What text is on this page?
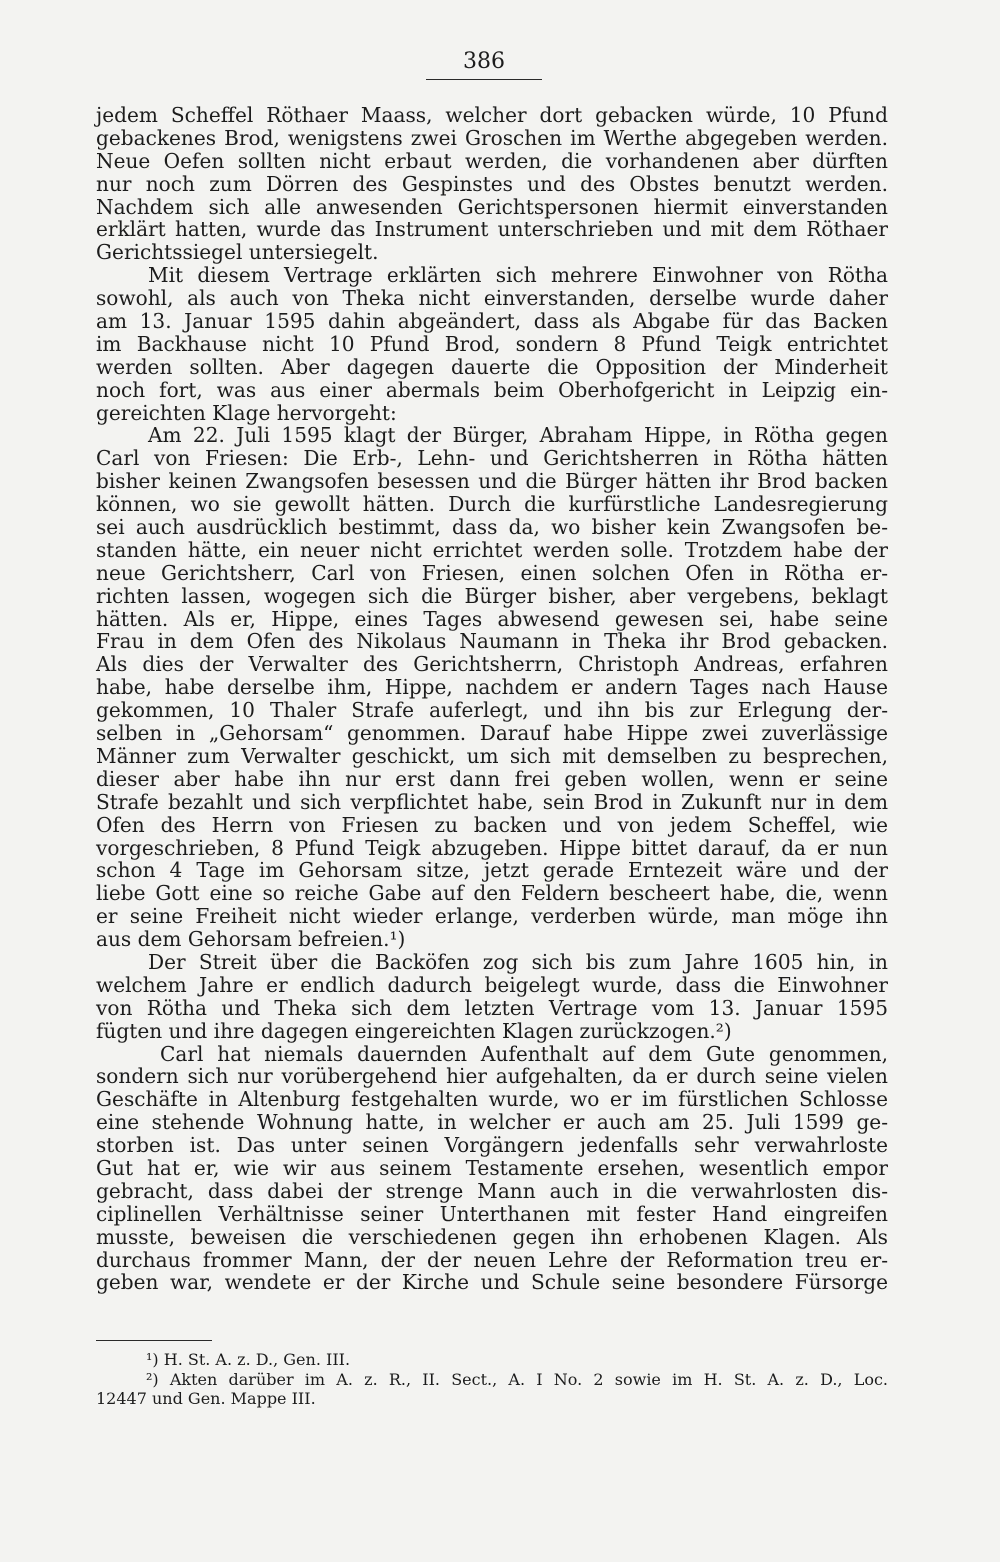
386
jedem Scheffel Röthaer Maass, welcher dort gebacken würde, 10 Pfund
gebackenes Brod, wenigstens zwei Groschen im Werthe abgegeben werden.
Neue Oefen sollten nicht erbaut werden, die vorhandenen aber dürften
nur noch zum Dörren des Gespinstes und des Obstes benutzt werden.
Nachdem sich alle anwesenden Gerichtspersonen hiermit einverstanden
erklärt hatten, wurde das Instrument unterschrieben und mit dem Röthaer
Gerichtssiegel untersiegelt.
Mit diesem Vertrage erklärten sich mehrere Einwohner von Rötha
sowohl, als auch von Theka nicht einverstanden, derselbe wurde daher
am 13. Januar 1595 dahin abgeändert, dass als Abgabe für das Backen
im Backhause nicht 10 Pfund Brod, sondern 8 Pfund Teigk entrichtet
werden sollten. Aber dagegen dauerte die Opposition der Minderheit
noch fort, was aus einer abermals beim Oberhofgericht in Leipzig ein-
gereichten Klage hervorgeht:
Am 22. Juli 1595 klagt der Bürger, Abraham Hippe, in Rötha gegen
Carl von Friesen: Die Erb-, Lehn- und Gerichtsherren in Rötha hätten
bisher keinen Zwangsofen besessen und die Bürger hätten ihr Brod backen
können, wo sie gewollt hätten. Durch die kurfürstliche Landesregierung
sei auch ausdrücklich bestimmt, dass da, wo bisher kein Zwangsofen be-
standen hätte, ein neuer nicht errichtet werden solle. Trotzdem habe der
neue Gerichtsherr, Carl von Friesen, einen solchen Ofen in Rötha er-
richten lassen, wogegen sich die Bürger bisher, aber vergebens, beklagt
hätten. Als er, Hippe, eines Tages abwesend gewesen sei, habe seine
Frau in dem Ofen des Nikolaus Naumann in Theka ihr Brod gebacken.
Als dies der Verwalter des Gerichtsherrn, Christoph Andreas, erfahren
habe, habe derselbe ihm, Hippe, nachdem er andern Tages nach Hause
gekommen, 10 Thaler Strafe auferlegt, und ihn bis zur Erlegung der-
selben in „Gehorsam“ genommen. Darauf habe Hippe zwei zuverlässige
Männer zum Verwalter geschickt, um sich mit demselben zu besprechen,
dieser aber habe ihn nur erst dann frei geben wollen, wenn er seine
Strafe bezahlt und sich verpflichtet habe, sein Brod in Zukunft nur in dem
Ofen des Herrn von Friesen zu backen und von jedem Scheffel, wie
vorgeschrieben, 8 Pfund Teigk abzugeben. Hippe bittet darauf, da er nun
schon 4 Tage im Gehorsam sitze, jetzt gerade Erntezeit wäre und der
liebe Gott eine so reiche Gabe auf den Feldern bescheert habe, die, wenn
er seine Freiheit nicht wieder erlange, verderben würde, man möge ihn
aus dem Gehorsam befreien.¹)
Der Streit über die Backöfen zog sich bis zum Jahre 1605 hin, in
welchem Jahre er endlich dadurch beigelegt wurde, dass die Einwohner
von Rötha und Theka sich dem letzten Vertrage vom 13. Januar 1595
fügten und ihre dagegen eingereichten Klagen zurückzogen.²)
Carl hat niemals dauernden Aufenthalt auf dem Gute genommen,
sondern sich nur vorübergehend hier aufgehalten, da er durch seine vielen
Geschäfte in Altenburg festgehalten wurde, wo er im fürstlichen Schlosse
eine stehende Wohnung hatte, in welcher er auch am 25. Juli 1599 ge-
storben ist. Das unter seinen Vorgängern jedenfalls sehr verwahrloste
Gut hat er, wie wir aus seinem Testamente ersehen, wesentlich empor
gebracht, dass dabei der strenge Mann auch in die verwahrlosten dis-
ciplinellen Verhältnisse seiner Unterthanen mit fester Hand eingreifen
musste, beweisen die verschiedenen gegen ihn erhobenen Klagen. Als
durchaus frommer Mann, der der neuen Lehre der Reformation treu er-
geben war, wendete er der Kirche und Schule seine besondere Fürsorge
¹) H. St. A. z. D., Gen. III.
²) Akten darüber im A. z. R., II. Sect., A. I No. 2 sowie im H. St. A. z. D., Loc.
12447 und Gen. Mappe III.
